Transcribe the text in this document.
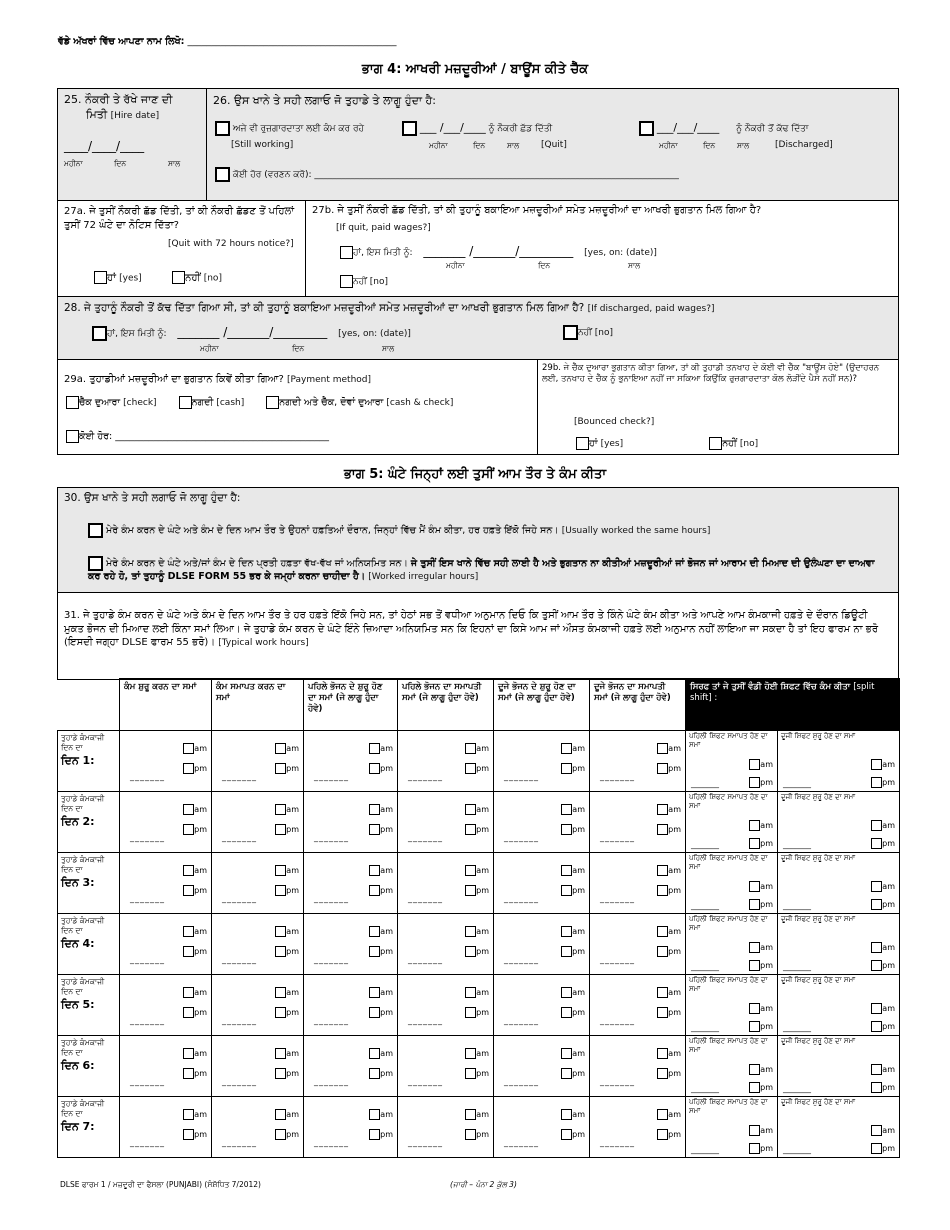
ਵੱਡੇ ਅੱਖਰਾਂ ਵਿੱਚ ਆਪਣਾ ਨਾਮ ਲਿਖੋ: ____________________________________________
ਭਾਗ 4: ਆਖਰੀ ਮਜ਼ਦੂਰੀਆਂ / ਬਾਊਂਸ ਕੀਤੇ ਚੈੱਕ
25. ਨੌਕਰੀ ਤੇ ਰੱਖੇ ਜਾਣ ਦੀ
ਮਿਤੀ [Hire date]
____/____/____
ਮਹੀਨਾ	ਦਿਨ	ਸਾਲ
26. ਉਸ ਖਾਨੇ ਤੇ ਸਹੀ ਲਗਾਓ ਜੋ ਤੁਹਾਡੇ ਤੇ ਲਾਗੂ ਹੁੰਦਾ ਹੈ:
ਅਜੇ ਵੀ ਰੁਜ਼ਗਾਰਦਾਤਾ ਲਈ ਕੰਮ ਕਰ ਰਹੇ
[Still working]
___ /___/____ ਨੂੰ ਨੌਕਰੀ ਛੱਡ ਦਿੱਤੀ
ਮਹੀਨਾ	ਦਿਨ	ਸਾਲ [Quit]
___/___/____ ਨੂੰ ਨੌਕਰੀ ਤੋਂ ਕੱਢ ਦਿੱਤਾ
ਮਹੀਨਾ	ਦਿਨ	ਸਾਲ	[Discharged]
ਕੋਈ ਹੋਰ (ਵਰਣਨ ਕਰੋ): _________________________________________________________________________________
27a. ਜੇ ਤੁਸੀਂ ਨੌਕਰੀ ਛੱਡ ਦਿੱਤੀ, ਤਾਂ ਕੀ ਨੌਕਰੀ ਛੱਡਣ ਤੋਂ ਪਹਿਲਾਂ ਤੁਸੀਂ 72 ਘੰਟੇ ਦਾ ਨੋਟਿਸ ਦਿੱਤਾ?
[Quit with 72 hours notice?]
ਹਾਂ [yes]	ਨਹੀਂ [no]
27b. ਜੇ ਤੁਸੀਂ ਨੌਕਰੀ ਛੱਡ ਦਿੱਤੀ, ਤਾਂ ਕੀ ਤੁਹਾਨੂੰ ਬਕਾਇਆ ਮਜ਼ਦੂਰੀਆਂ ਸਮੇਤ ਮਜ਼ਦੂਰੀਆਂ ਦਾ ਆਖਰੀ ਭੁਗਤਾਨ ਮਿਲ ਗਿਆ ਹੈ?
[If quit, paid wages?]
ਹਾਂ, ਇਸ ਮਿਤੀ ਨੂੰ: _______ /_______/_________ [yes, on: (date)]
ਮਹੀਨਾ	ਦਿਨ	ਸਾਲ
ਨਹੀਂ [no]
28. ਜੇ ਤੁਹਾਨੂੰ ਨੌਕਰੀ ਤੋਂ ਕੱਢ ਦਿੱਤਾ ਗਿਆ ਸੀ, ਤਾਂ ਕੀ ਤੁਹਾਨੂੰ ਬਕਾਇਆ ਮਜ਼ਦੂਰੀਆਂ ਸਮੇਤ ਮਜ਼ਦੂਰੀਆਂ ਦਾ ਆਖਰੀ ਭੁਗਤਾਨ ਮਿਲ ਗਿਆ ਹੈ? [If discharged, paid wages?]
ਹਾਂ, ਇਸ ਮਿਤੀ ਨੂੰ: _______ /_______/_________ [yes, on: (date)]
ਮਹੀਨਾ	ਦਿਨ	ਸਾਲ
ਨਹੀਂ [no]
29a. ਤੁਹਾਡੀਆਂ ਮਜ਼ਦੂਰੀਆਂ ਦਾ ਭੁਗਤਾਨ ਕਿਵੇਂ ਕੀਤਾ ਗਿਆ? [Payment method]
ਚੈੱਕ ਦੁਆਰਾ [check]	ਨਗਦੀ [cash]	ਨਗਦੀ ਅਤੇ ਚੈੱਕ, ਦੋਵਾਂ ਦੁਆਰਾ [cash & check]
ਕੋਈ ਹੋਰ: _____________________________________________
29b. ਜੇ ਚੈੱਕ ਦੁਆਰਾ ਭੁਗਤਾਨ ਕੀਤਾ ਗਿਆ, ਤਾਂ ਕੀ ਤੁਹਾਡੀ ਤਨਖਾਹ ਦੇ ਕੋਈ ਵੀ ਚੈੱਕ "ਬਾਊਂਸ ਹੋਏ" (ਉਦਾਹਰਨ ਲਈ, ਤਨਖਾਹ ਦੇ ਚੈੱਕ ਨੂੰ ਭੁਨਾਇਆ ਨਹੀਂ ਜਾ ਸਕਿਆ ਕਿਉਂਕਿ ਰੁਜ਼ਗਾਰਦਾਤਾ ਕੋਲ ਲੋੜੀਂਦੇ ਪੈਸੇ ਨਹੀਂ ਸਨ)?
[Bounced check?]
ਹਾਂ [yes]	ਨਹੀਂ [no]
ਭਾਗ 5: ਘੰਟੇ ਜਿਨ੍ਹਾਂ ਲਈ ਤੁਸੀਂ ਆਮ ਤੌਰ ਤੇ ਕੰਮ ਕੀਤਾ
30. ਉਸ ਖਾਨੇ ਤੇ ਸਹੀ ਲਗਾਓ ਜੋ ਲਾਗੂ ਹੁੰਦਾ ਹੈ:
ਮੇਰੇ ਕੰਮ ਕਰਨ ਦੇ ਘੰਟੇ ਅਤੇ ਕੰਮ ਦੇ ਦਿਨ ਆਮ ਤੌਰ ਤੇ ਉਹਨਾਂ ਹਫ਼ਤਿਆਂ ਦੌਰਾਨ, ਜਿਨ੍ਹਾਂ ਵਿੱਚ ਮੈਂ ਕੰਮ ਕੀਤਾ, ਹਰ ਹਫ਼ਤੇ ਇੱਕੋ ਜਿਹੇ ਸਨ। [Usually worked the same hours]
ਮੇਰੇ ਕੰਮ ਕਰਨ ਦੇ ਘੰਟੇ ਅਤੇ/ਜਾਂ ਕੰਮ ਦੇ ਦਿਨ ਪ੍ਰਤੀ ਹਫ਼ਤਾ ਵੱਖ-ਵੱਖ ਜਾਂ ਅਨਿਯਮਿਤ ਸਨ। ਜੇ ਤੁਸੀਂ ਇਸ ਖਾਨੇ ਵਿੱਚ ਸਹੀ ਲਾਈ ਹੈ ਅਤੇ ਭੁਗਤਾਨ ਨਾ ਕੀਤੀਆਂ ਮਜ਼ਦੂਰੀਆਂ ਜਾਂ ਭੋਜਨ ਜਾਂ ਆਰਾਮ ਦੀ ਮਿਆਦ ਦੀ ਉਲੰਘਣਾ ਦਾ ਦਾਅਵਾ ਕਰ ਰਹੇ ਹੋ, ਤਾਂ ਤੁਹਾਨੂੰ DLSE FORM 55 ਭਰ ਕੇ ਜਮ੍ਹਾਂ ਕਰਨਾ ਚਾਹੀਦਾ ਹੈ। [Worked irregular hours]
31. ਜੇ ਤੁਹਾਡੇ ਕੰਮ ਕਰਨ ਦੇ ਘੰਟੇ ਅਤੇ ਕੰਮ ਦੇ ਦਿਨ ਆਮ ਤੌਰ ਤੇ ਹਰ ਹਫ਼ਤੇ ਇੱਕੋ ਜਿਹੇ ਸਨ, ਤਾਂ ਹੇਠਾਂ ਸਭ ਤੋਂ ਵਧੀਆ ਅਨੁਮਾਨ ਦਿਓ ਕਿ ਤੁਸੀਂ ਆਮ ਤੌਰ ਤੇ ਕਿੰਨੇ ਘੰਟੇ ਕੰਮ ਕੀਤਾ ਅਤੇ ਆਪਣੇ ਆਮ ਕੰਮਕਾਜੀ ਹਫ਼ਤੇ ਦੇ ਦੌਰਾਨ ਡਿਊਟੀ ਮੁਕਤ ਭੋਜਨ ਦੀ ਮਿਆਦ ਲਈ ਕਿੰਨਾ ਸਮਾਂ ਲਿਆ। ਜੇ ਤੁਹਾਡੇ ਕੰਮ ਕਰਨ ਦੇ ਘੰਟੇ ਇੰਨੇ ਜ਼ਿਆਦਾ ਅਨਿਯਮਿਤ ਸਨ ਕਿ ਇਹਨਾਂ ਦਾ ਕਿਸੇ ਆਮ ਜਾਂ ਔਸਤ ਕੰਮਕਾਜੀ ਹਫ਼ਤੇ ਲਈ ਅਨੁਮਾਨ ਨਹੀਂ ਲਾਇਆ ਜਾ ਸਕਦਾ ਹੈ ਤਾਂ ਇਹ ਫਾਰਮ ਨਾ ਭਰੋ (ਇਸਦੀ ਜਗ੍ਹਾ DLSE ਫਾਰਮ 55 ਭਰੋ)। [Typical work hours]
	ਕੰਮ ਸ਼ੁਰੂ ਕਰਨ ਦਾ ਸਮਾਂ	ਕੰਮ ਸਮਾਪਤ ਕਰਨ ਦਾ ਸਮਾਂ	ਪਹਿਲੇ ਭੋਜਨ ਦੇ ਸ਼ੁਰੂ ਹੋਣ ਦਾ ਸਮਾਂ (ਜੇ ਲਾਗੂ ਹੁੰਦਾ ਹੋਵੇ)	ਪਹਿਲੇ ਭੋਜਨ ਦਾ ਸਮਾਪਤੀ ਸਮਾਂ (ਜੇ ਲਾਗੂ ਹੁੰਦਾ ਹੋਵੇ)	ਦੂਜੇ ਭੋਜਨ ਦੇ ਸ਼ੁਰੂ ਹੋਣ ਦਾ ਸਮਾਂ (ਜੇ ਲਾਗੂ ਹੁੰਦਾ ਹੋਵੇ)	ਦੂਜੇ ਭੋਜਨ ਦਾ ਸਮਾਪਤੀ ਸਮਾਂ (ਜੇ ਲਾਗੂ ਹੁੰਦਾ ਹੋਵੇ)	ਸਿਰਫ ਤਾਂ ਜੇ ਤੁਸੀਂ ਵੰਡੀ ਹੋਈ ਸ਼ਿਫਟ ਵਿੱਚ ਕੰਮ ਕੀਤਾ [split shift] :	
ਤੁਹਾਡੇ ਕੰਮਕਾਜੀ ਦਿਨ ਦਾ
ਦਿਨ 1:	am
_______
pm	am
_______
pm	am
_______
pm	am
_______
pm	am
_______
pm	am
_______
pm	ਪਹਿਲੀ ਸ਼ਿਫਟ ਸਮਾਪਤ ਹੋਣ ਦਾ ਸਮਾਂ
am
_______ pm	ਦੂਜੀ ਸ਼ਿਫਟ ਸ਼ੁਰੂ ਹੋਣ ਦਾ ਸਮਾਂ
am
_______ pm

ਤੁਹਾਡੇ ਕੰਮਕਾਜੀ ਦਿਨ ਦਾ
ਦਿਨ 2:	am
_______
pm	am
_______
pm	am
_______
pm	am
_______
pm	am
_______
pm	am
_______
pm	ਪਹਿਲੀ ਸ਼ਿਫਟ ਸਮਾਪਤ ਹੋਣ ਦਾ ਸਮਾਂ
am
_______ pm	ਦੂਜੀ ਸ਼ਿਫਟ ਸ਼ੁਰੂ ਹੋਣ ਦਾ ਸਮਾਂ
am
_______ pm

ਤੁਹਾਡੇ ਕੰਮਕਾਜੀ ਦਿਨ ਦਾ
ਦਿਨ 3:	am
_______
pm	am
_______
pm	am
_______
pm	am
_______
pm	am
_______
pm	am
_______
pm	ਪਹਿਲੀ ਸ਼ਿਫਟ ਸਮਾਪਤ ਹੋਣ ਦਾ ਸਮਾਂ
am
_______ pm	ਦੂਜੀ ਸ਼ਿਫਟ ਸ਼ੁਰੂ ਹੋਣ ਦਾ ਸਮਾਂ
am
_______ pm

ਤੁਹਾਡੇ ਕੰਮਕਾਜੀ ਦਿਨ ਦਾ
ਦਿਨ 4:	am
_______
pm	am
_______
pm	am
_______
pm	am
_______
pm	am
_______
pm	am
_______
pm	ਪਹਿਲੀ ਸ਼ਿਫਟ ਸਮਾਪਤ ਹੋਣ ਦਾ ਸਮਾਂ
am
_______ pm	ਦੂਜੀ ਸ਼ਿਫਟ ਸ਼ੁਰੂ ਹੋਣ ਦਾ ਸਮਾਂ
am
_______ pm

ਤੁਹਾਡੇ ਕੰਮਕਾਜੀ ਦਿਨ ਦਾ
ਦਿਨ 5:	am
_______
pm	am
_______
pm	am
_______
pm	am
_______
pm	am
_______
pm	am
_______
pm	ਪਹਿਲੀ ਸ਼ਿਫਟ ਸਮਾਪਤ ਹੋਣ ਦਾ ਸਮਾਂ
am
_______ pm	ਦੂਜੀ ਸ਼ਿਫਟ ਸ਼ੁਰੂ ਹੋਣ ਦਾ ਸਮਾਂ
am
_______ pm

ਤੁਹਾਡੇ ਕੰਮਕਾਜੀ ਦਿਨ ਦਾ
ਦਿਨ 6:	am
_______
pm	am
_______
pm	am
_______
pm	am
_______
pm	am
_______
pm	am
_______
pm	ਪਹਿਲੀ ਸ਼ਿਫਟ ਸਮਾਪਤ ਹੋਣ ਦਾ ਸਮਾਂ
am
_______ pm	ਦੂਜੀ ਸ਼ਿਫਟ ਸ਼ੁਰੂ ਹੋਣ ਦਾ ਸਮਾਂ
am
_______ pm

ਤੁਹਾਡੇ ਕੰਮਕਾਜੀ ਦਿਨ ਦਾ
ਦਿਨ 7:	am
_______
pm	am
_______
pm	am
_______
pm	am
_______
pm	am
_______
pm	am
_______
pm	ਪਹਿਲੀ ਸ਼ਿਫਟ ਸਮਾਪਤ ਹੋਣ ਦਾ ਸਮਾਂ
am
_______ pm	ਦੂਜੀ ਸ਼ਿਫਟ ਸ਼ੁਰੂ ਹੋਣ ਦਾ ਸਮਾਂ
am
_______ pm
DLSE ਫਾਰਮ 1 / ਮਜ਼ਦੂਰੀ ਦਾ ਫੈਸਲਾ (PUNJABI) (ਸੰਸ਼ੋਧਿਤ 7/2012)	(ਜਾਰੀ – ਪੰਨਾ 2 ਕੁੱਲ 3)
